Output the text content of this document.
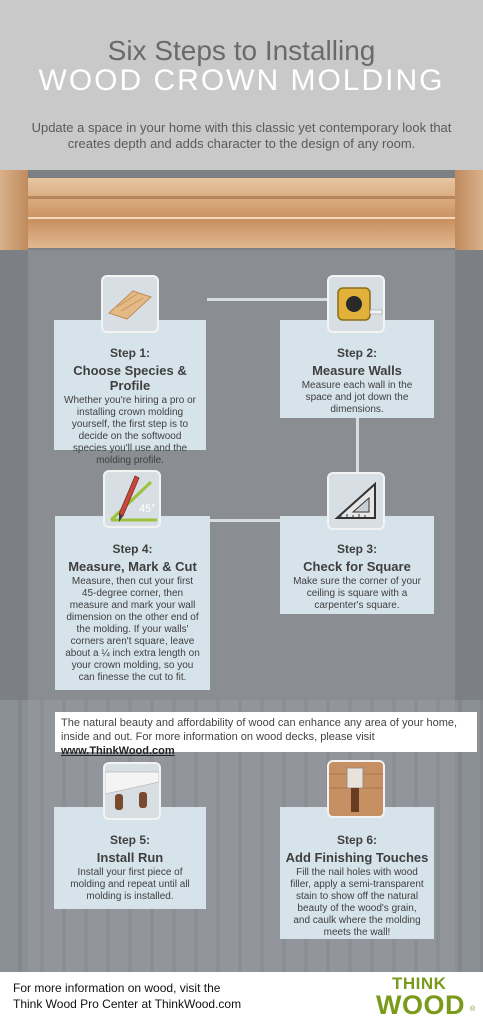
Six Steps to Installing
WOOD CROWN MOLDING
Update a space in your home with this classic yet contemporary look that creates depth and adds character to the design of any room.
Step 1:
Choose Species & Profile
Whether you're hiring a pro or installing crown molding yourself, the first step is to decide on the softwood species you'll use and the molding profile.
Step 2:
Measure Walls
Measure each wall in the space and jot down the dimensions.
Step 4:
Measure, Mark & Cut
Measure, then cut your first 45-degree corner, then measure and mark your wall dimension on the other end of the molding. If your walls' corners aren't square, leave about a ¼ inch extra length on your crown molding, so you can finesse the cut to fit.
45°
Step 3:
Check for Square
Make sure the corner of your ceiling is square with a carpenter's square.
The natural beauty and affordability of wood can enhance any area of your home, inside and out. For more information on wood decks, please visit www.ThinkWood.com
Step 5:
Install Run
Install your first piece of molding and repeat until all molding is installed.
Step 6:
Add Finishing Touches
Fill the nail holes with wood filler, apply a semi-transparent stain to show off the natural beauty of the wood's grain, and caulk where the molding meets the wall!
For more information on wood, visit the
Think Wood Pro Center at ThinkWood.com
THINK
WOOD ®
